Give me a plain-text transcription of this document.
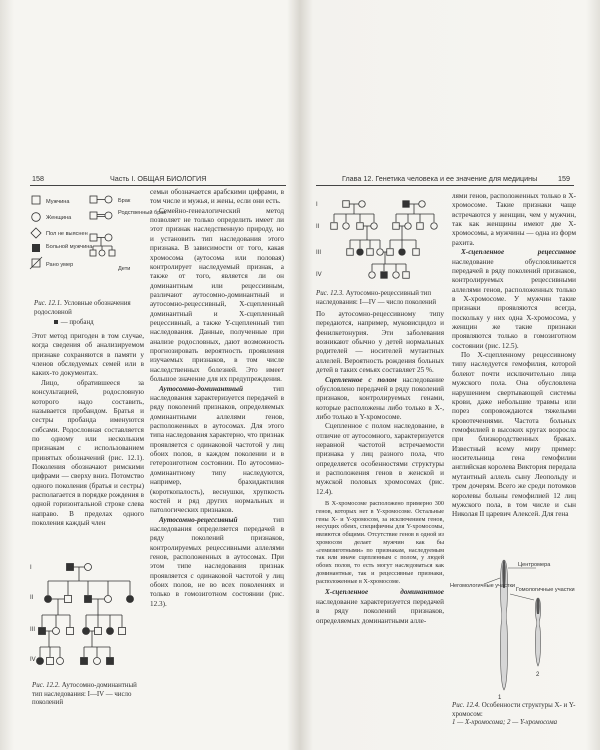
158	Часть I. ОБЩАЯ БИОЛОГИЯ
Мужчина
Женщина
Пол не выяснен
Больной мужчина
Рано умер
Брак
Родственный брак
Дети
Рис. 12.1. Условные обозначения родословной
— пробанд

Этот метод пригоден в том случае, когда сведения об анализируемом признаке сохраняются в памяти у членов обследуемых семей или в каких-то документах.

Лицо, обратившееся за консультацией, родословную которого надо составить, называется пробандом. Братья и сестры пробанда именуются сибсами. Родословная составляется по одному или нескольким признакам с использованием принятых обозначений (рис. 12.1). Поколения обозначают римскими цифрами — сверху вниз. Потомство одного поколения (братья и сестры) располагается в порядке рождения в одной горизонтальной строке слева направо. В пределах одного поколения каждый член

I
II
III
IV
Рис. 12.2. Аутосомно-доминантный тип наследования: I—IV — число поколений

семьи обозначается арабскими цифрами, в том числе и мужья, и жены, если они есть.

Семейно-генеалогический метод позволяет не только определить имеет ли этот признак наследственную природу, но и установить тип наследования этого признака. В зависимости от того, какая хромосома (аутосома или половая) контролирует наследуемый признак, а также от того, является ли он доминантным или рецессивным, различают аутосомно-доминантный и аутосомно-рецессивный, Х-сцепленный доминантный и Х-сцепленный рецессивный, а также Y-сцепленный тип наследования. Данные, полученные при анализе родословных, дают возможность прогнозировать вероятность проявления изучаемых признаков, в том числе наследственных болезней. Это имеет большое значение для их предупреждения.

Аутосомно-доминантный	тип наследования характеризуется передачей в ряду поколений признаков, определяемых доминантными аллелями генов, расположенных в аутосомах. Для этого типа наследования характерно, что признак проявляется с одинаковой частотой у лиц обоих полов, в каждом поколении и в гетерозиготном состоянии. По аутосомно-доминантному типу наследуются, например, брахидактилия (короткопалость), веснушки, хрупкость костей и ряд других нормальных и патологических признаков.

Аутосомно-рецессивный	тип наследования определяется передачей в ряду поколений признаков, контролируемых рецессивными аллелями генов, расположенных в аутосомах. При этом типе наследования признак проявляется с одинаковой частотой у лиц обоих полов, не во всех поколениях и только в гомозиготном состоянии (рис. 12.3).

Глава 12. Генетика человека и ее значение для медицины	159
I
II
III
IV
Рис. 12.3. Аутосомно-рецессивный тип наследования: I—IV — число поколений

По аутосомно-рецессивному типу передаются, например, муковисцидоз и фенилкетонурия. Эти заболевания возникают обычно у детей нормальных родителей — носителей мутантных аллелей. Вероятность рождения больных детей в таких семьях составляет 25 %.

Сцепленное с полом наследование обусловлено передачей в ряду поколений признаков, контролируемых генами, которые расположены либо только в Х-, либо только в Y-хромосоме.

Сцепленное с полом наследование, в отличие от аутосомного, характеризуется неравной частотой встречаемости признака у лиц разного пола, что определяется особенностями структуры и расположения генов в женской и мужской половых хромосомах (рис. 12.4).

В Х-хромосоме расположено примерно 300 генов, которых нет в Y-хромосоме. Остальные гены Х- и Y-хромосом, за исключением генов, несущих обеих, специфичны для Y-хромосомы, являются общими. Отсутствие генов в одной из хромосом делает мужчин как бы «гемизиготными» по признакам, наследуемым так или иначе сцепленным с полом, у людей обоих полов, то есть могут наследоваться как доминантные, так и рецессивные признаки, расположенные в Х-хромосоме.

Х-сцепленное доминантное наследование характеризуется передачей в ряду поколений признаков, определяемых доминантными алле-

лями генов, расположенных только в Х-хромосоме. Такие признаки чаще встречаются у женщин, чем у мужчин, так как женщины имеют две Х-хромосомы, а мужчины — одна из форм рахита.

Х-сцепленное рецессивное наследование обусловливается передачей в ряду поколений признаков, контролируемых рецессивными аллелями генов, расположенных только в Х-хромосоме. У мужчин такие признаки проявляются всегда, поскольку у них одна Х-хромосома, у женщин же такие признаки проявляются только в гомозиготном состоянии (рис. 12.5).

По Х-сцепленному рецессивному типу наследуется гемофилия, которой болеют почти исключительно лица мужского пола. Она обусловлена нарушением свертывающей системы крови, даже небольшие травмы или порез сопровождаются тяжелыми кровотечениями. Частота больных гемофилией в высоких кругах возросла при близкородственных браках. Известный всему миру пример: носительница гена гемофилии английская королева Виктория передала мутантный аллель сыну Леопольду и трем дочерям. Всего же среди потомков королевы больны гемофилией 12 лиц мужского пола, в том числе и сын Николая II царевич Алексей. Для гена

Центромера
Негомологичные участки
Гомологичные участки
1
2
Рис. 12.4. Особенности структуры Х- и Y-хромосом:
1 — Х-хромосома; 2 — Y-хромосома
